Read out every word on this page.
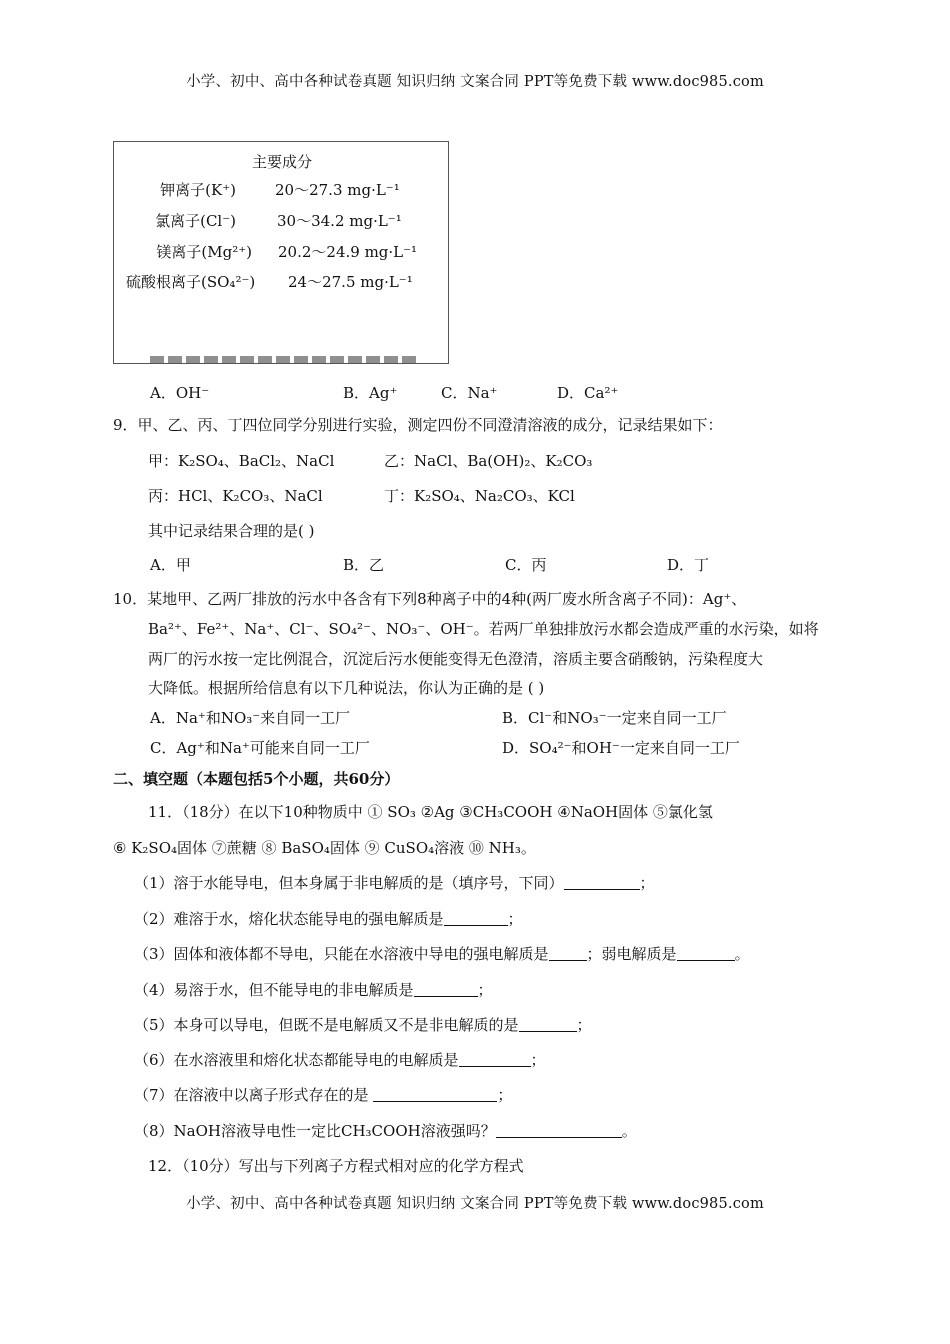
小学、初中、高中各种试卷真题 知识归纳 文案合同 PPT等免费下载 www.doc985.com
主要成分
钾离子(K⁺)	20～27.3 mg·L⁻¹
氯离子(Cl⁻)	30～34.2 mg·L⁻¹
镁离子(Mg²⁺) 20.2～24.9 mg·L⁻¹
硫酸根离子(SO₄²⁻) 24～27.5 mg·L⁻¹
A．OH⁻	B．Ag⁺	C．Na⁺	D．Ca²⁺
9．甲、乙、丙、丁四位同学分别进行实验，测定四份不同澄清溶液的成分，记录结果如下：
甲：K₂SO₄、BaCl₂、NaCl	乙：NaCl、Ba(OH)₂、K₂CO₃
丙：HCl、K₂CO₃、NaCl	丁：K₂SO₄、Na₂CO₃、KCl
其中记录结果合理的是( )
A．甲	B．乙	C．丙	D．丁
10．某地甲、乙两厂排放的污水中各含有下列8种离子中的4种(两厂废水所含离子不同)：Ag⁺、
Ba²⁺、Fe²⁺、Na⁺、Cl⁻、SO₄²⁻、NO₃⁻、OH⁻。若两厂单独排放污水都会造成严重的水污染，如将
两厂的污水按一定比例混合，沉淀后污水便能变得无色澄清，溶质主要含硝酸钠，污染程度大
大降低。根据所给信息有以下几种说法，你认为正确的是 ( )
A．Na⁺和NO₃⁻来自同一工厂	B．Cl⁻和NO₃⁻一定来自同一工厂
C．Ag⁺和Na⁺可能来自同一工厂	D．SO₄²⁻和OH⁻一定来自同一工厂
二、填空题（本题包括5个小题，共60分）
11．（18分）在以下10种物质中 ① SO₃ ②Ag ③CH₃COOH ④NaOH固体 ⑤氯化氢
⑥ K₂SO₄固体 ⑦蔗糖 ⑧ BaSO₄固体 ⑨ CuSO₄溶液 ⑩ NH₃。
（1）溶于水能导电，但本身属于非电解质的是（填序号，下同）	；
（2）难溶于水，熔化状态能导电的强电解质是	；
（3）固体和液体都不导电，只能在水溶液中导电的强电解质是	；弱电解质是	。
（4）易溶于水，但不能导电的非电解质是	；
（5）本身可以导电，但既不是电解质又不是非电解质的是	；
（6）在水溶液里和熔化状态都能导电的电解质是	；
（7）在溶液中以离子形式存在的是	；
（8）NaOH溶液导电性一定比CH₃COOH溶液强吗？	。
12．（10分）写出与下列离子方程式相对应的化学方程式
小学、初中、高中各种试卷真题 知识归纳 文案合同 PPT等免费下载 www.doc985.com
